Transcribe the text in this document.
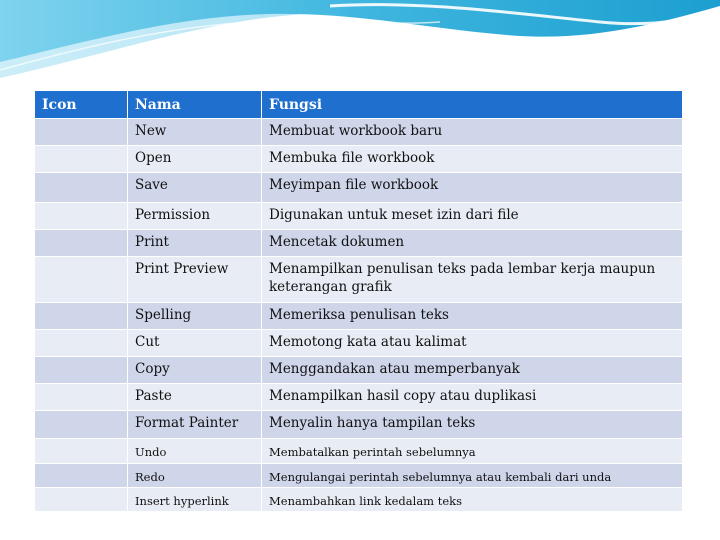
Icon	Nama	Fungsi
	New	Membuat workbook baru
	Open	Membuka file workbook
	Save	Meyimpan file workbook
	Permission	Digunakan untuk meset izin dari file
	Print	Mencetak dokumen
	Print Preview	Menampilkan penulisan teks pada lembar kerja maupun keterangan grafik
	Spelling	Memeriksa penulisan teks
	Cut	Memotong kata atau kalimat
	Copy	Menggandakan atau memperbanyak
	Paste	Menampilkan hasil copy atau duplikasi
	Format Painter	Menyalin hanya tampilan teks
	Undo	Membatalkan perintah sebelumnya
	Redo	Mengulangai perintah sebelumnya atau kembali dari unda
	Insert hyperlink	Menambahkan link kedalam teks
